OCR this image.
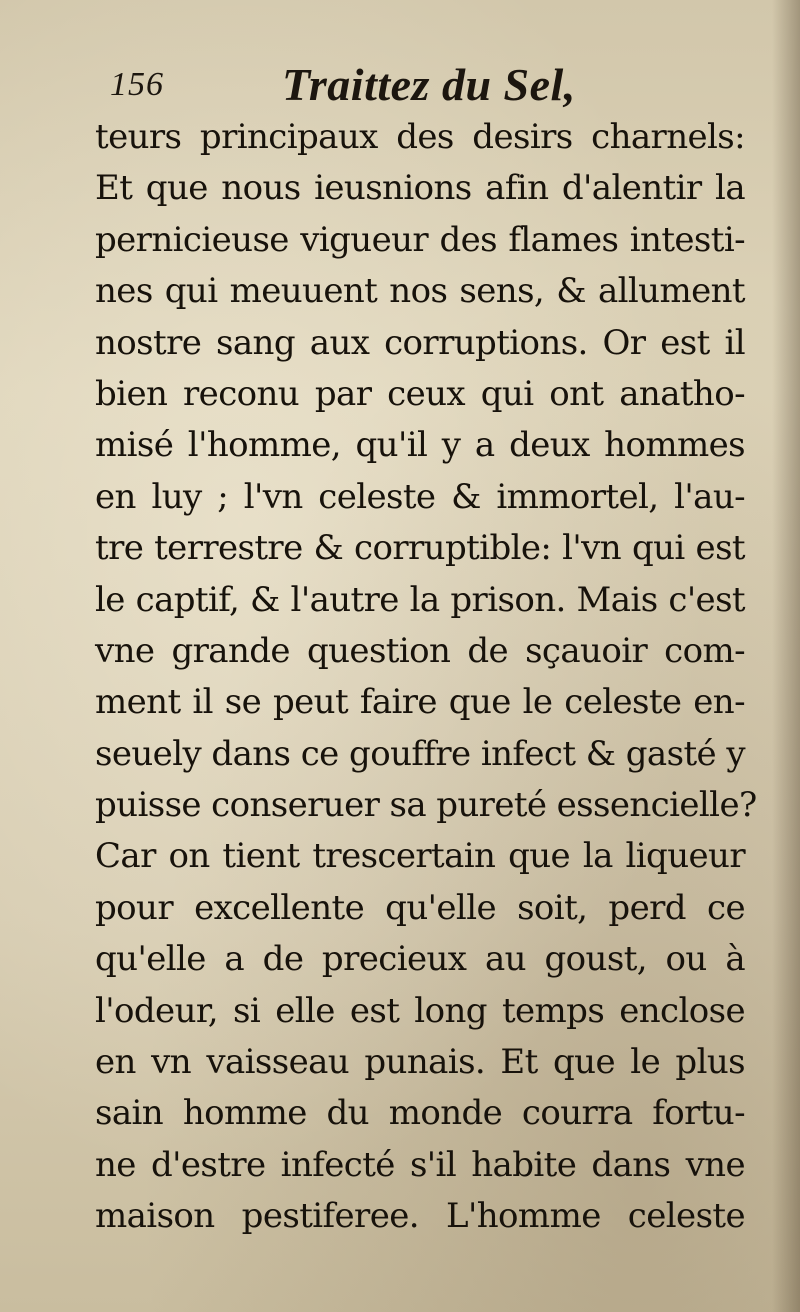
156	Traittez du Sel,
teurs principaux des desirs charnels:
Et que nous ieusnions afin d'alentir la
pernicieuse vigueur des flames intesti-
nes qui meuuent nos sens, & allument
nostre sang aux corruptions. Or est il
bien reconu par ceux qui ont anatho-
misé l'homme, qu'il y a deux hommes
en luy ; l'vn celeste & immortel, l'au-
tre terrestre & corruptible: l'vn qui est
le captif, & l'autre la prison. Mais c'est
vne grande question de sçauoir com-
ment il se peut faire que le celeste en-
seuely dans ce gouffre infect & gasté y
puisse conseruer sa pureté essencielle?
Car on tient trescertain que la liqueur
pour excellente qu'elle soit, perd ce
qu'elle a de precieux au goust, ou à
l'odeur, si elle est long temps enclose
en vn vaisseau punais. Et que le plus
sain homme du monde courra fortu-
ne d'estre infecté s'il habite dans vne
maison pestiferee. L'homme celeste
